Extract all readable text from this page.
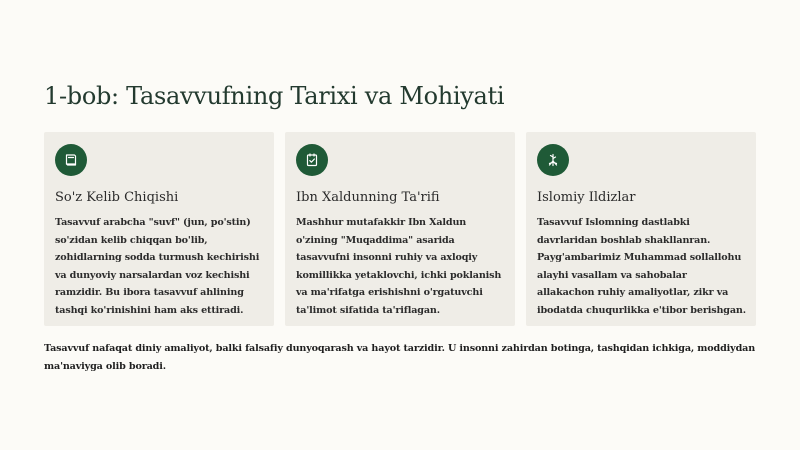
1-bob: Tasavvufning Tarixi va Mohiyati
So'z Kelib Chiqishi

Tasavvuf arabcha "suvf" (jun, po'stin) so'zidan kelib chiqqan bo'lib, zohidlarning sodda turmush kechirishi va dunyoviy narsalardan voz kechishi ramzidir. Bu ibora tasavvuf ahlining tashqi ko'rinishini ham aks ettiradi.

Ibn Xaldunning Ta'rifi

Mashhur mutafakkir Ibn Xaldun o'zining "Muqaddima" asarida tasavvufni insonni ruhiy va axloqiy komillikka yetaklovchi, ichki poklanish va ma'rifatga erishishni o'rgatuvchi ta'limot sifatida ta'riflagan.

Islomiy Ildizlar

Tasavvuf Islomning dastlabki davrlaridan boshlab shakllanran. Payg'ambarimiz Muhammad sollallohu alayhi vasallam va sahobalar allakachon ruhiy amaliyotlar, zikr va ibodatda chuqurlikka e'tibor berishgan.

Tasavvuf nafaqat diniy amaliyot, balki falsafiy dunyoqarash va hayot tarzidir. U insonni zahirdan botinga, tashqidan ichkiga, moddiydan ma'naviyga olib boradi.
